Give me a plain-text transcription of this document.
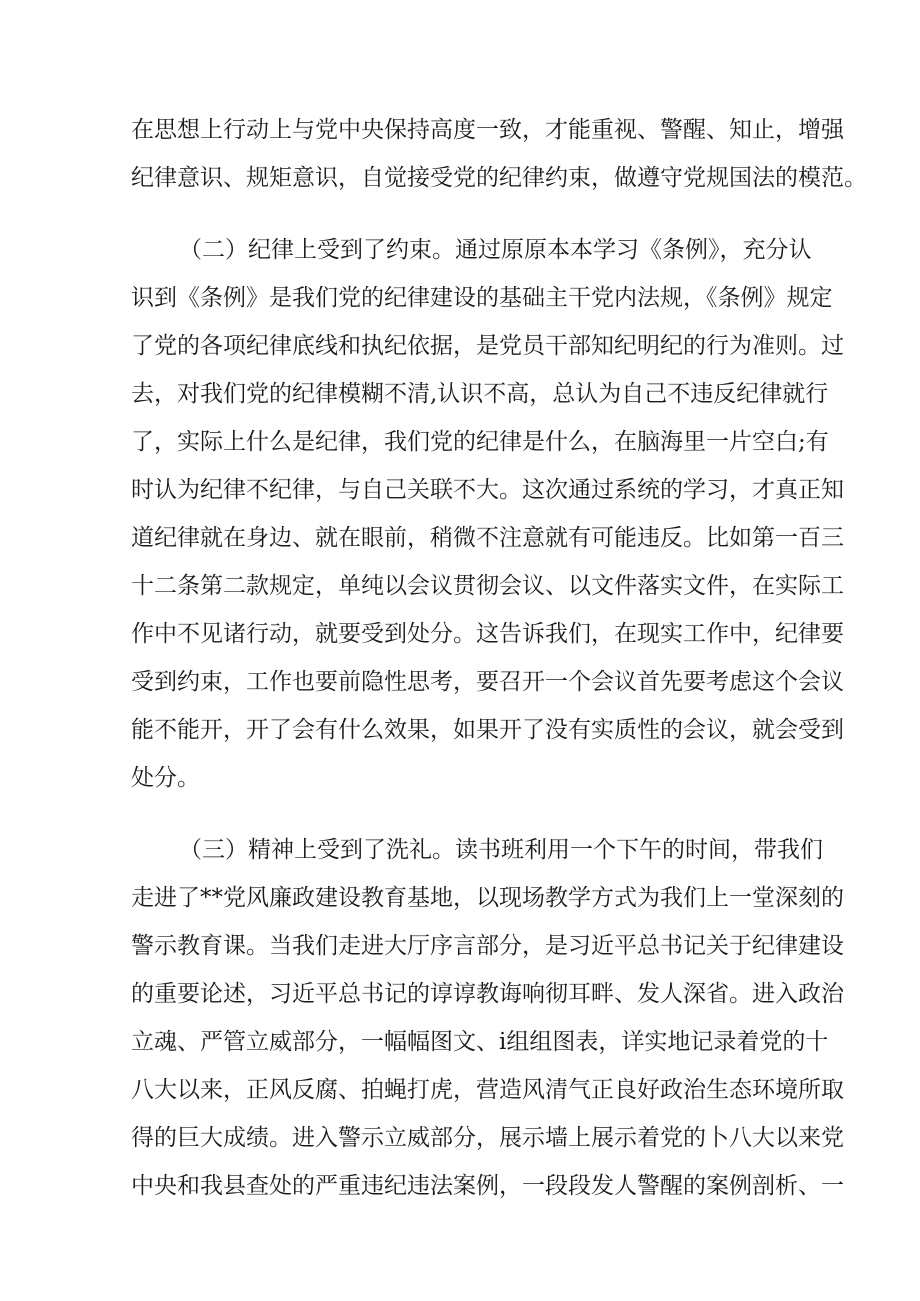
在思想上行动上与党中央保持高度一致，才能重视、警醒、知止，增强
纪律意识、规矩意识，自觉接受党的纪律约束，做遵守党规国法的模范。
（二）纪律上受到了约束。通过原原本本学习《条例》，充分认
识到《条例》是我们党的纪律建设的基础主干党内法规，《条例》规定
了党的各项纪律底线和执纪依据，是党员干部知纪明纪的行为准则。过
去，对我们党的纪律模糊不清,认识不高，总认为自己不违反纪律就行
了，实际上什么是纪律，我们党的纪律是什么，在脑海里一片空白;有
时认为纪律不纪律，与自己关联不大。这次通过系统的学习，才真正知
道纪律就在身边、就在眼前，稍微不注意就有可能违反。比如第一百三
十二条第二款规定，单纯以会议贯彻会议、以文件落实文件，在实际工
作中不见诸行动，就要受到处分。这告诉我们，在现实工作中，纪律要
受到约束，工作也要前隐性思考，要召开一个会议首先要考虑这个会议
能不能开，开了会有什么效果，如果开了没有实质性的会议，就会受到
处分。
（三）精神上受到了洗礼。读书班利用一个下午的时间，带我们
走进了**党风廉政建设教育基地，以现场教学方式为我们上一堂深刻的
警示教育课。当我们走进大厅序言部分，是习近平总书记关于纪律建设
的重要论述，习近平总书记的谆谆教诲响彻耳畔、发人深省。进入政治
立魂、严管立威部分，一幅幅图文、i组组图表，详实地记录着党的十
八大以来，正风反腐、拍蝇打虎，营造风清气正良好政治生态环境所取
得的巨大成绩。进入警示立威部分，展示墙上展示着党的卜八大以来党
中央和我县查处的严重违纪违法案例，一段段发人警醒的案例剖析、一
